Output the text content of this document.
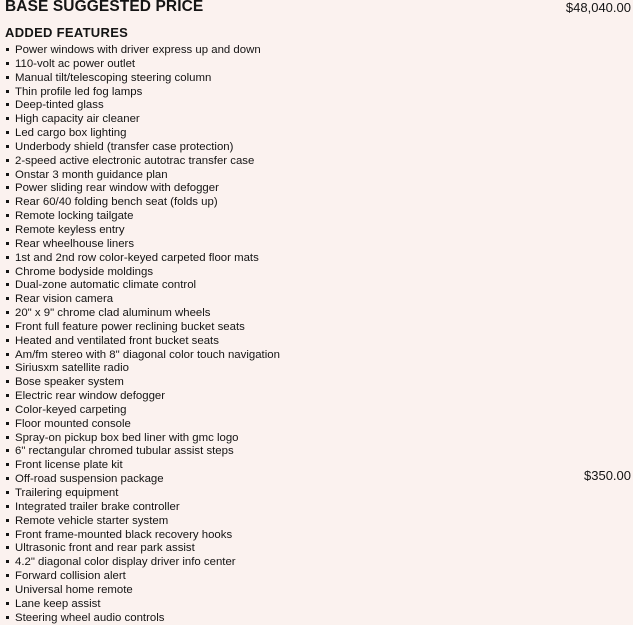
BASE SUGGESTED PRICE	$48,040.00
ADDED FEATURES
Power windows with driver express up and down
110-volt ac power outlet
Manual tilt/telescoping steering column
Thin profile led fog lamps
Deep-tinted glass
High capacity air cleaner
Led cargo box lighting
Underbody shield (transfer case protection)
2-speed active electronic autotrac transfer case
Onstar 3 month guidance plan
Power sliding rear window with defogger
Rear 60/40 folding bench seat (folds up)
Remote locking tailgate
Remote keyless entry
Rear wheelhouse liners
1st and 2nd row color-keyed carpeted floor mats
Chrome bodyside moldings
Dual-zone automatic climate control
Rear vision camera
20" x 9" chrome clad aluminum wheels
Front full feature power reclining bucket seats
Heated and ventilated front bucket seats
Am/fm stereo with 8" diagonal color touch navigation
Siriusxm satellite radio
Bose speaker system
Electric rear window defogger
Color-keyed carpeting
Floor mounted console
Spray-on pickup box bed liner with gmc logo
6" rectangular chromed tubular assist steps
Front license plate kit
Off-road suspension package	$350.00
Trailering equipment
Integrated trailer brake controller
Remote vehicle starter system
Front frame-mounted black recovery hooks
Ultrasonic front and rear park assist
4.2" diagonal color display driver info center
Forward collision alert
Universal home remote
Lane keep assist
Steering wheel audio controls
